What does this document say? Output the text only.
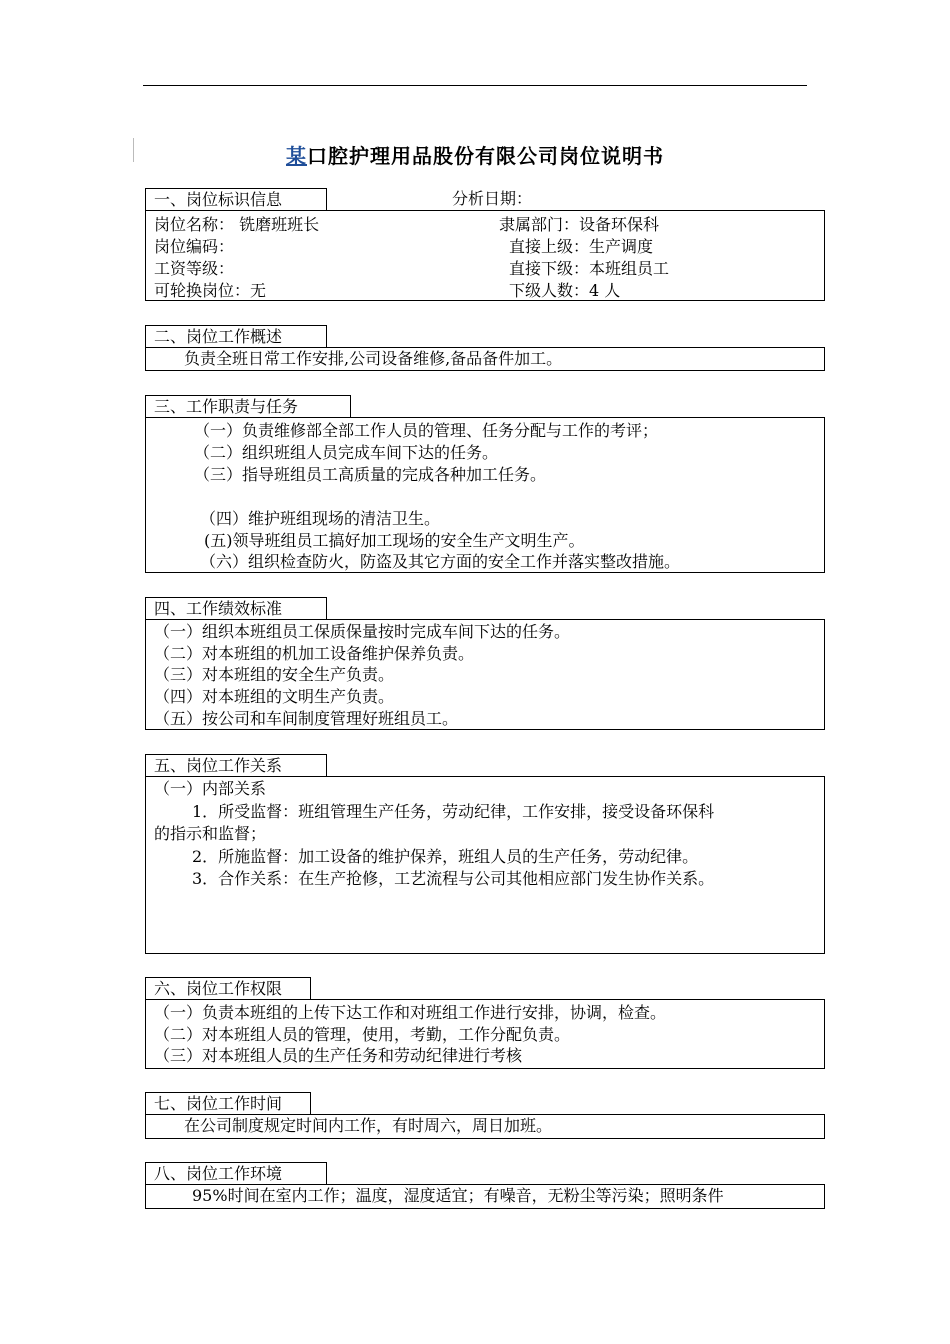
某口腔护理用品股份有限公司岗位说明书
一、岗位标识信息	分析日期：
岗位名称： 铣磨班班长
岗位编码：
工资等级：
可轮换岗位：无
隶属部门：设备环保科
直接上级：生产调度
直接下级：本班组员工
下级人数：4 人
二、岗位工作概述
负责全班日常工作安排,公司设备维修,备品备件加工。
三、工作职责与任务
（一）负责维修部全部工作人员的管理、任务分配与工作的考评；
（二）组织班组人员完成车间下达的任务。
（三）指导班组员工高质量的完成各种加工任务。
（四）维护班组现场的清洁卫生。
(五)领导班组员工搞好加工现场的安全生产文明生产。
（六）组织检查防火，防盗及其它方面的安全工作并落实整改措施。
四、工作绩效标准
（一）组织本班组员工保质保量按时完成车间下达的任务。
（二）对本班组的机加工设备维护保养负责。
（三）对本班组的安全生产负责。
（四）对本班组的文明生产负责。
（五）按公司和车间制度管理好班组员工。
五、岗位工作关系
（一）内部关系
1．所受监督：班组管理生产任务，劳动纪律，工作安排，接受设备环保科
的指示和监督；
2．所施监督：加工设备的维护保养，班组人员的生产任务，劳动纪律。
3．合作关系：在生产抢修，工艺流程与公司其他相应部门发生协作关系。
六、岗位工作权限
（一）负责本班组的上传下达工作和对班组工作进行安排，协调，检查。
（二）对本班组人员的管理，使用，考勤，工作分配负责。
（三）对本班组人员的生产任务和劳动纪律进行考核
七、岗位工作时间
在公司制度规定时间内工作，有时周六，周日加班。
八、岗位工作环境
95%时间在室内工作；温度，湿度适宜；有噪音，无粉尘等污染；照明条件
